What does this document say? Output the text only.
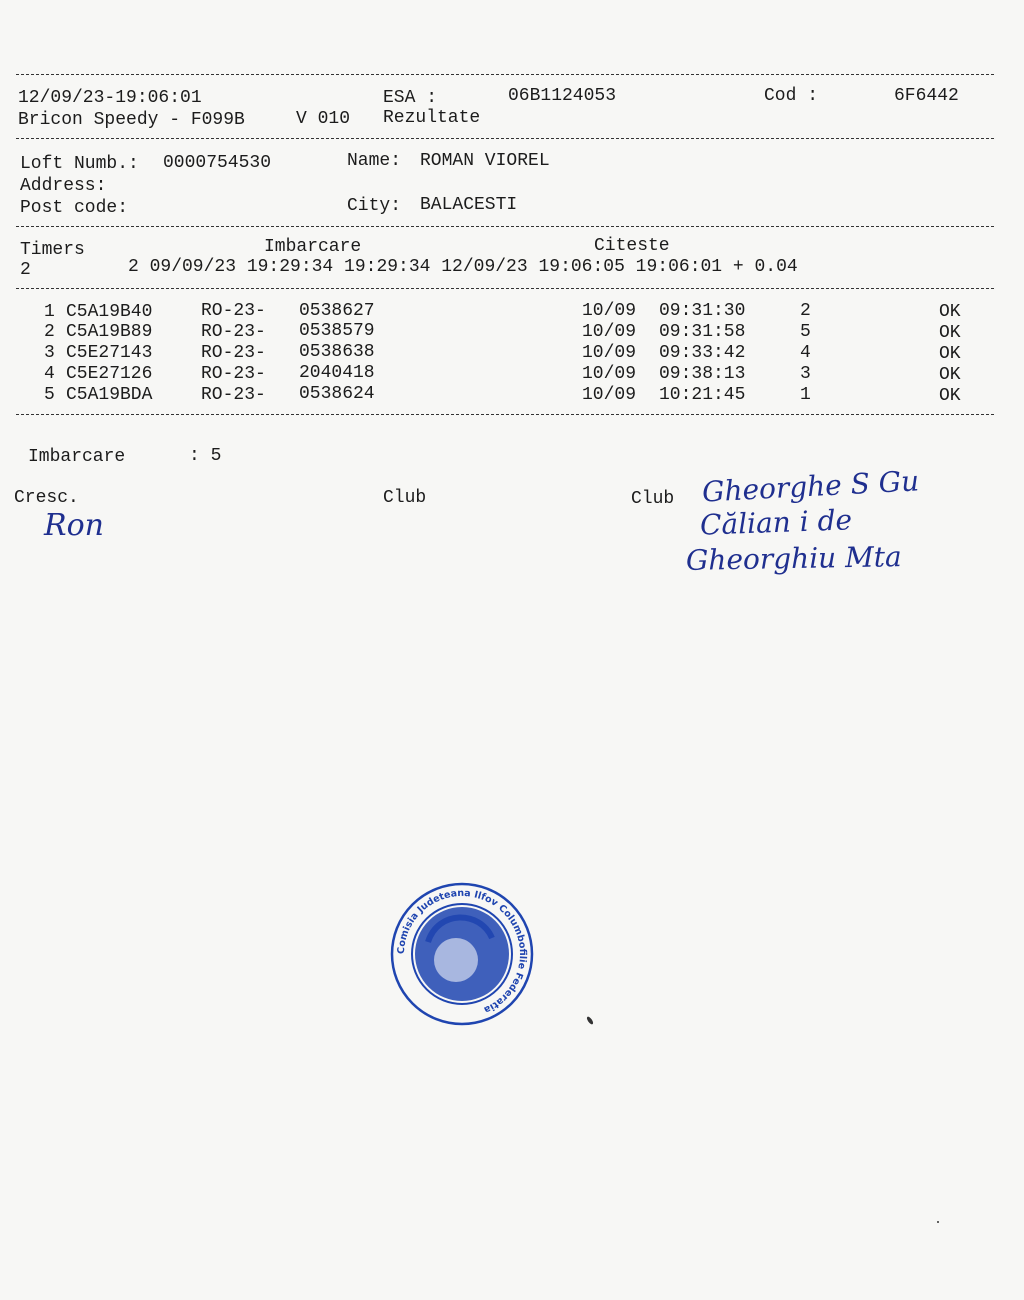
12/09/23-19:06:01	ESA :	06B1124053	Cod :	6F6442
Bricon Speedy - F099B	V 010 Rezultate
Loft Numb.: 0000754530	Name: ROMAN VIOREL
Address:
Post code:	City: BALACESTI
Timers	Imbarcare	Citeste
2	2 09/09/23 19:29:34 19:29:34 12/09/23 19:06:05 19:06:01 + 0.04
1 C5A19B40	RO-23- 0538627	10/09 09:31:30	2	OK
2 C5A19B89	RO-23- 0538579	10/09 09:31:58	5	OK
3 C5E27143	RO-23- 0538638	10/09 09:33:42	4	OK
4 C5E27126	RO-23- 2040418	10/09 09:38:13	3	OK
5 C5A19BDA	RO-23- 0538624	10/09 10:21:45	1	OK
Imbarcare	: 5
Cresc.	Club	Club
Ron
Gheorghe S Gu
Călian i de
Gheorghiu Mta
Comisia Judeteana Ilfov Columbofilie Federatia
